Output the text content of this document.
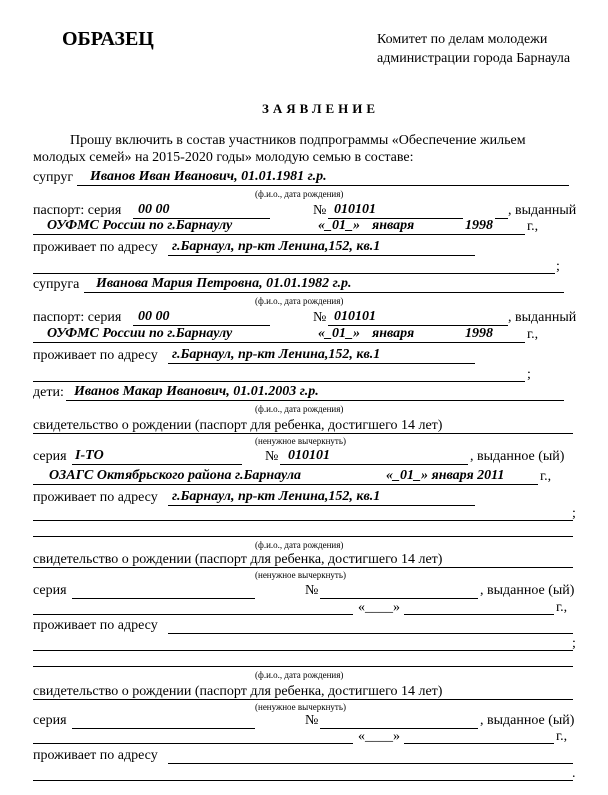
ОБРАЗЕЦ	Комитет по делам молодежи
администрации города Барнаула
ЗАЯВЛЕНИЕ
Прошу включить в состав участников подпрограммы «Обеспечение жильем
молодых семей» на 2015-2020 годы» молодую семью в составе:
супруг Иванов Иван Иванович, 01.01.1981 г.р.
(ф.и.о., дата рождения)
паспорт: серия 00 00	№ 010101	, выданный
ОУФМС России по г.Барнаулу	«_01_» января	1998 г.,
проживает по адресу г.Барнаул, пр-кт Ленина,152, кв.1
;
супруга Иванова Мария Петровна, 01.01.1982 г.р.
(ф.и.о., дата рождения)
паспорт: серия 00 00	№ 010101	, выданный
ОУФМС России по г.Барнаулу	«_01_» января	1998 г.,
проживает по адресу г.Барнаул, пр-кт Ленина,152, кв.1
;
дети: Иванов Макар Иванович, 01.01.2003 г.р.
(ф.и.о., дата рождения)
свидетельство о рождении (паспорт для ребенка, достигшего 14 лет)
(ненужное вычеркнуть)
серия I-ТО	№ 010101	, выданное (ый)
ОЗАГС Октябрьского района г.Барнаула	«_01_» января 2011	г.,
проживает по адресу г.Барнаул, пр-кт Ленина,152, кв.1
;
(ф.и.о., дата рождения)
свидетельство о рождении (паспорт для ребенка, достигшего 14 лет)
(ненужное вычеркнуть)
серия	№	, выданное (ый)
«____»	г.,
проживает по адресу
;
(ф.и.о., дата рождения)
свидетельство о рождении (паспорт для ребенка, достигшего 14 лет)
(ненужное вычеркнуть)
серия	№	, выданное (ый)
«____»	г.,
проживает по адресу
.
